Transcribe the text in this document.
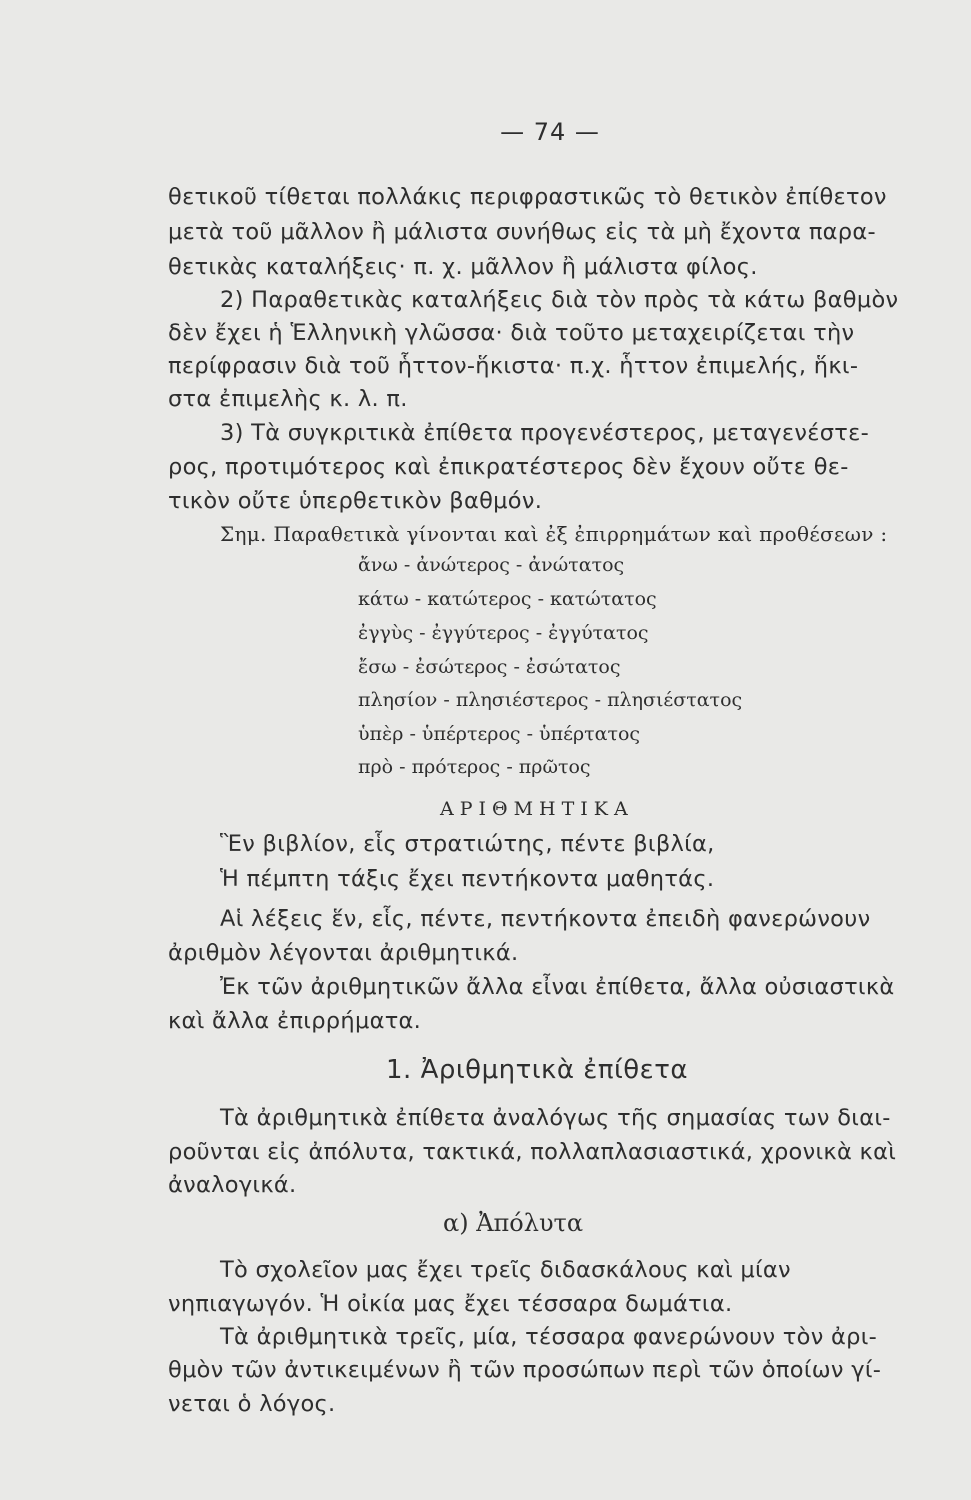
— 74 —
θετικοῦ τίθεται πολλάκις περιφραστικῶς τὸ θετικὸν ἐπίθετον
μετὰ τοῦ μᾶλλον ἢ μάλιστα συνήθως εἰς τὰ μὴ ἔχοντα παρα-
θετικὰς καταλήξεις· π. χ. μᾶλλον ἢ μάλιστα φίλος.
2) Παραθετικὰς καταλήξεις διὰ τὸν πρὸς τὰ κάτω βαθμὸν
δὲν ἔχει ἡ Ἑλληνικὴ γλῶσσα· διὰ τοῦτο μεταχειρίζεται τὴν
περίφρασιν διὰ τοῦ ἧττον-ἥκιστα· π.χ. ἧττον ἐπιμελής, ἥκι-
στα ἐπιμελὴς κ. λ. π.
3) Τὰ συγκριτικὰ ἐπίθετα προγενέστερος, μεταγενέστε-
ρος, προτιμότερος καὶ ἐπικρατέστερος δὲν ἔχουν οὔτε θε-
τικὸν οὔτε ὑπερθετικὸν βαθμόν.
Σημ. Παραθετικὰ γίνονται καὶ ἐξ ἐπιρρημάτων καὶ προθέσεων :
ἄνω - ἀνώτερος - ἀνώτατος
κάτω - κατώτερος - κατώτατος
ἐγγὺς - ἐγγύτερος - ἐγγύτατος
ἔσω - ἐσώτερος - ἐσώτατος
πλησίον - πλησιέστερος - πλησιέστατος
ὑπὲρ - ὑπέρτερος - ὑπέρτατος
πρὸ - πρότερος - πρῶτος
ΑΡΙΘΜΗΤΙΚΑ
Ἓν βιβλίον, εἷς στρατιώτης, πέντε βιβλία,
Ἡ πέμπτη τάξις ἔχει πεντήκοντα μαθητάς.
Αἱ λέξεις ἕν, εἷς, πέντε, πεντήκοντα ἐπειδὴ φανερώνουν
ἀριθμὸν λέγονται ἀριθμητικά.
Ἐκ τῶν ἀριθμητικῶν ἄλλα εἶναι ἐπίθετα, ἄλλα οὐσιαστικὰ
καὶ ἄλλα ἐπιρρήματα.
1. Ἀριθμητικὰ ἐπίθετα
Τὰ ἀριθμητικὰ ἐπίθετα ἀναλόγως τῆς σημασίας των διαι-
ροῦνται εἰς ἀπόλυτα, τακτικά, πολλαπλασιαστικά, χρονικὰ καὶ
ἀναλογικά.
α) Ἀπόλυτα
Τὸ σχολεῖον μας ἔχει τρεῖς διδασκάλους καὶ μίαν
νηπιαγωγόν. Ἡ οἰκία μας ἔχει τέσσαρα δωμάτια.
Τὰ ἀριθμητικὰ τρεῖς, μία, τέσσαρα φανερώνουν τὸν ἀρι-
θμὸν τῶν ἀντικειμένων ἢ τῶν προσώπων περὶ τῶν ὁποίων γί-
νεται ὁ λόγος.
